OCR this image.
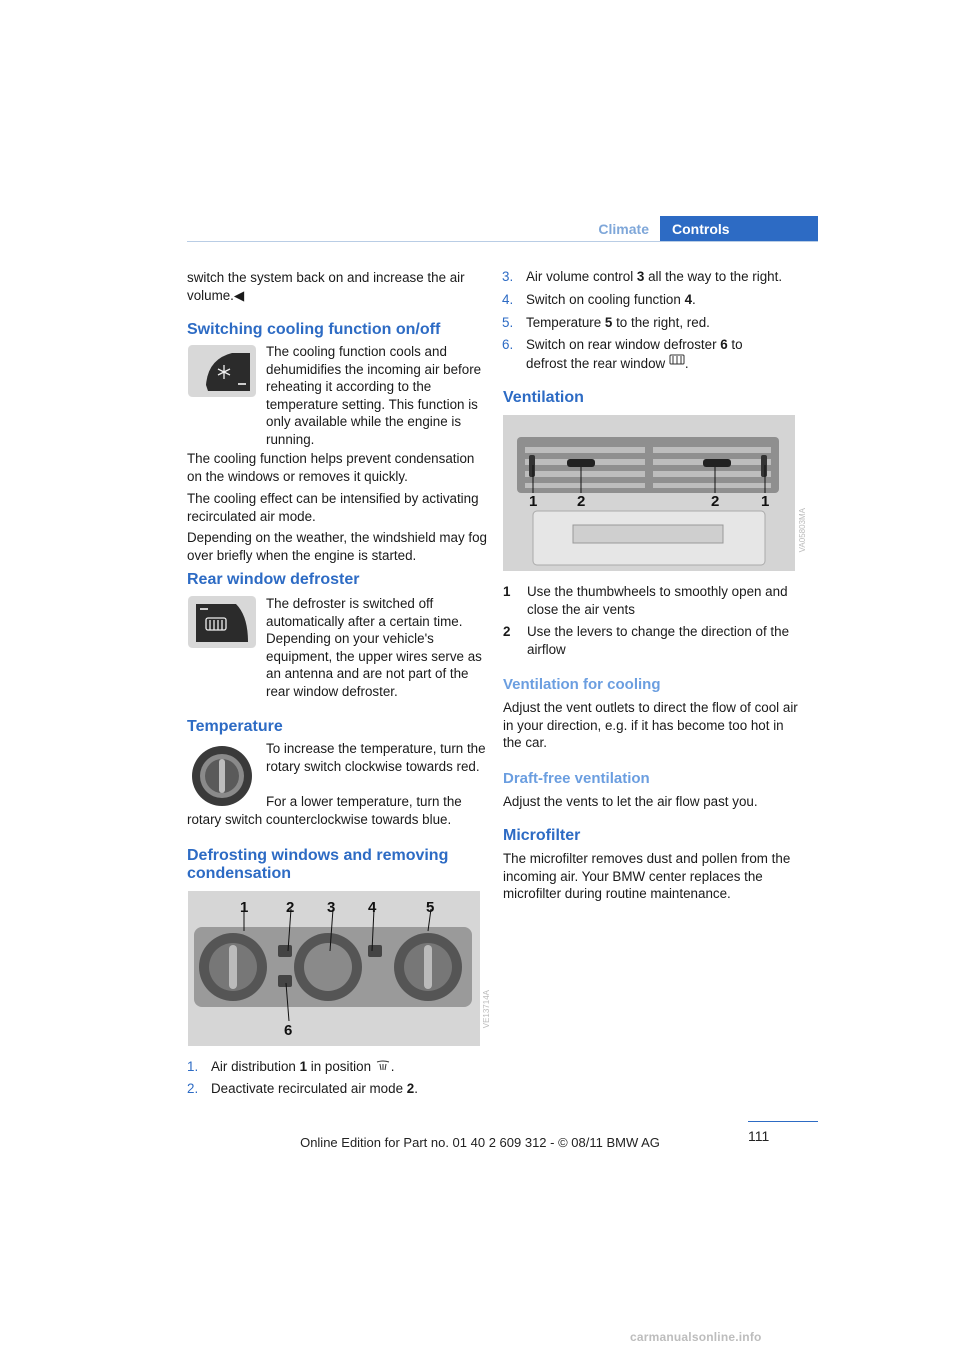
Climate	Controls

switch the system back on and increase the air volume.◀

Switching cooling function on/off

The cooling function cools and dehumidifies the incoming air before reheating it according to the temperature setting. This function is only available while the engine is running.

The cooling function helps prevent condensation on the windows or removes it quickly.

The cooling effect can be intensified by activating recirculated air mode.

Depending on the weather, the windshield may fog over briefly when the engine is started.

Rear window defroster

The defroster is switched off automatically after a certain time. Depending on your vehicle's equipment, the upper wires serve as an antenna and are not part of the rear window defroster.

Temperature

To increase the temperature, turn the rotary switch clockwise towards red.

For a lower temperature, turn the rotary switch counterclockwise towards blue.

Defrosting windows and removing condensation
1	2 3 4	5
6
VE13714A
1. Air distribution 1 in position .
2. Deactivate recirculated air mode 2.
3. Air volume control 3 all the way to the right.
4. Switch on cooling function 4.
5. Temperature 5 to the right, red.
6. Switch on rear window defroster 6 to defrost the rear window .
Ventilation
1	2	2	1
VA05803MA
1 Use the thumbwheels to smoothly open and close the air vents
2 Use the levers to change the direction of the airflow
Ventilation for cooling

Adjust the vent outlets to direct the flow of cool air in your direction, e.g. if it has become too hot in the car.

Draft-free ventilation

Adjust the vents to let the air flow past you.

Microfilter

The microfilter removes dust and pollen from the incoming air. Your BMW center replaces the microfilter during routine maintenance.

111
Online Edition for Part no. 01 40 2 609 312 - © 08/11 BMW AG
carmanualsonline.info
